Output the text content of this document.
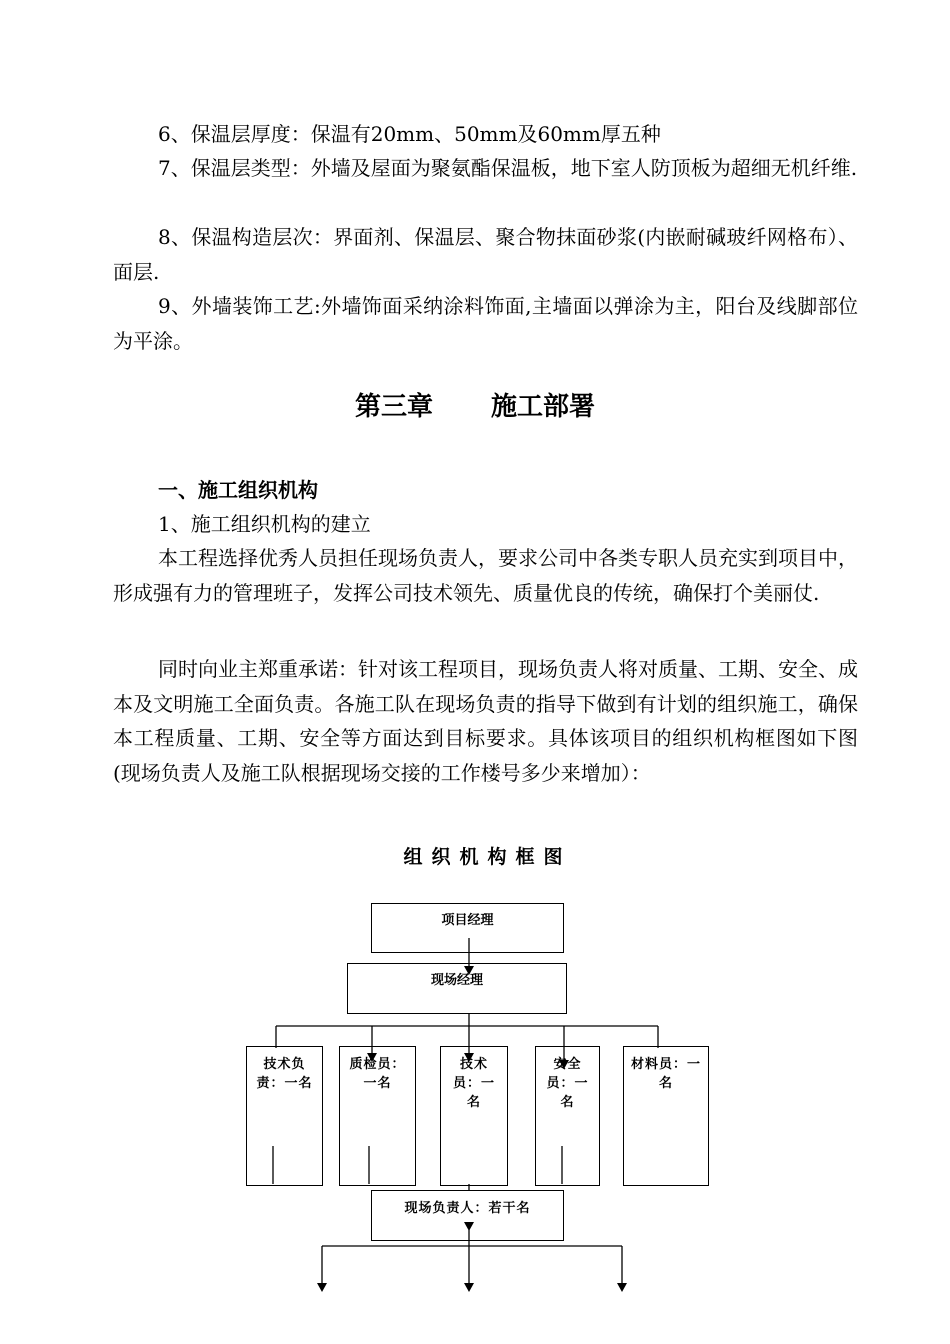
6、保温层厚度：保温有20mm、50mm及60mm厚五种

7、保温层类型：外墙及屋面为聚氨酯保温板，地下室人防顶板为超细无机纤维.

8、保温构造层次：界面剂、保温层、聚合物抹面砂浆(内嵌耐碱玻纤网格布）、面层.

9、外墙装饰工艺:外墙饰面采纳涂料饰面,主墙面以弹涂为主，阳台及线脚部位为平涂。

第三章 施工部署
一、施工组织机构

1、施工组织机构的建立

本工程选择优秀人员担任现场负责人，要求公司中各类专职人员充实到项目中，形成强有力的管理班子，发挥公司技术领先、质量优良的传统，确保打个美丽仗.

同时向业主郑重承诺：针对该工程项目，现场负责人将对质量、工期、安全、成本及文明施工全面负责。各施工队在现场负责的指导下做到有计划的组织施工，确保本工程质量、工期、安全等方面达到目标要求。具体该项目的组织机构框图如下图(现场负责人及施工队根据现场交接的工作楼号多少来增加）：

组织机构框图

项目经理
现场经理
技术负责：一名
质检员：一名
技术员：一名
安全员：一名
材料员：一名
现场负责人：若干名
